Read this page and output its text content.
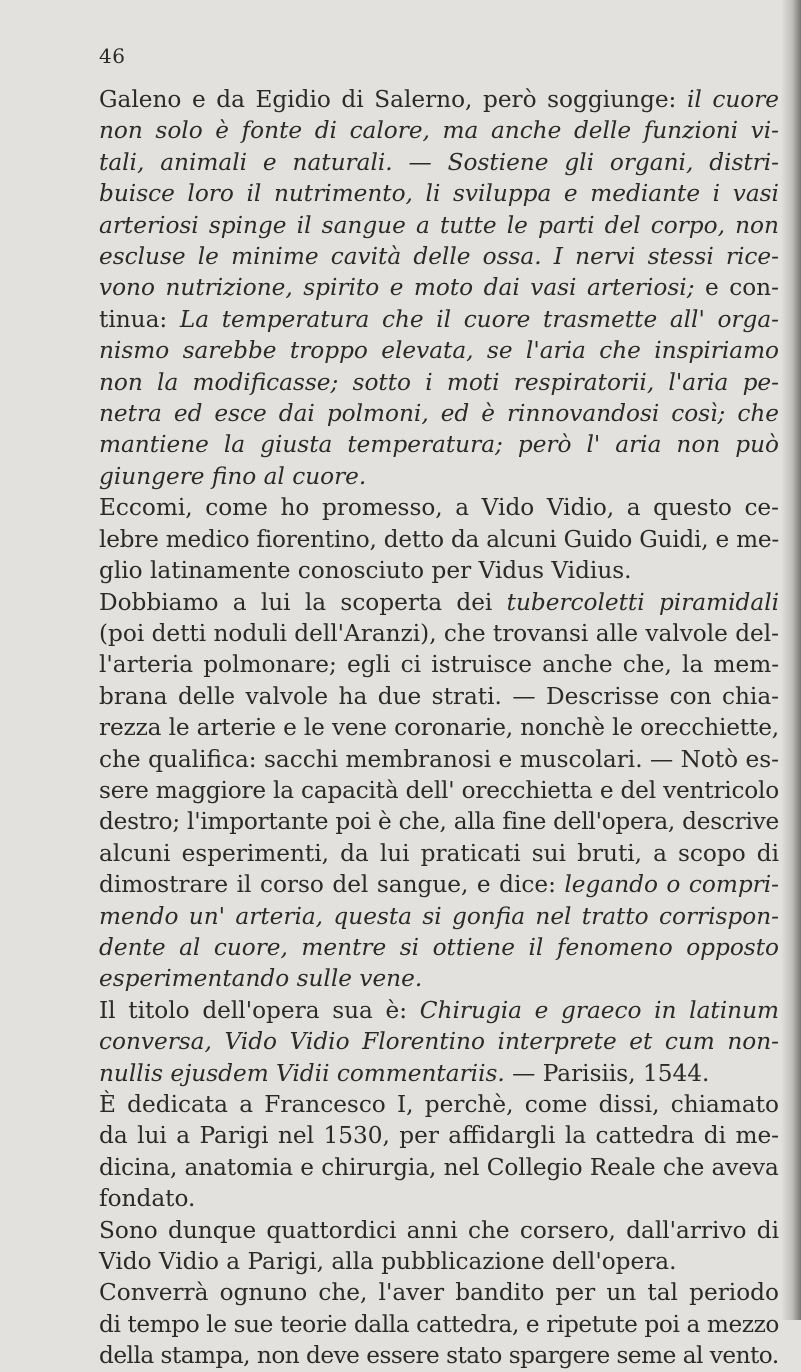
46
Galeno e da Egidio di Salerno, però soggiunge: il cuore
non solo è fonte di calore, ma anche delle funzioni vi-
tali, animali e naturali. — Sostiene gli organi, distri-
buisce loro il nutrimento, li sviluppa e mediante i vasi
arteriosi spinge il sangue a tutte le parti del corpo, non
escluse le minime cavità delle ossa. I nervi stessi rice-
vono nutrizione, spirito e moto dai vasi arteriosi; e con-
tinua: La temperatura che il cuore trasmette all' orga-
nismo sarebbe troppo elevata, se l'aria che inspiriamo
non la modificasse; sotto i moti respiratorii, l'aria pe-
netra ed esce dai polmoni, ed è rinnovandosi così; che
mantiene la giusta temperatura; però l' aria non può
giungere fino al cuore.
Eccomi, come ho promesso, a Vido Vidio, a questo ce-
lebre medico fiorentino, detto da alcuni Guido Guidi, e me-
glio latinamente conosciuto per Vidus Vidius.
Dobbiamo a lui la scoperta dei tubercoletti piramidali
(poi detti noduli dell'Aranzi), che trovansi alle valvole del-
l'arteria polmonare; egli ci istruisce anche che, la mem-
brana delle valvole ha due strati. — Descrisse con chia-
rezza le arterie e le vene coronarie, nonchè le orecchiette,
che qualifica: sacchi membranosi e muscolari. — Notò es-
sere maggiore la capacità dell' orecchietta e del ventricolo
destro; l'importante poi è che, alla fine dell'opera, descrive
alcuni esperimenti, da lui praticati sui bruti, a scopo di
dimostrare il corso del sangue, e dice: legando o compri-
mendo un' arteria, questa si gonfia nel tratto corrispon-
dente al cuore, mentre si ottiene il fenomeno opposto
esperimentando sulle vene.
Il titolo dell'opera sua è: Chirugia e graeco in latinum
conversa, Vido Vidio Florentino interprete et cum non-
nullis ejusdem Vidii commentariis. — Parisiis, 1544.
È dedicata a Francesco I, perchè, come dissi, chiamato
da lui a Parigi nel 1530, per affidargli la cattedra di me-
dicina, anatomia e chirurgia, nel Collegio Reale che aveva
fondato.
Sono dunque quattordici anni che corsero, dall'arrivo di
Vido Vidio a Parigi, alla pubblicazione dell'opera.
Converrà ognuno che, l'aver bandito per un tal periodo
di tempo le sue teorie dalla cattedra, e ripetute poi a mezzo
della stampa, non deve essere stato spargere seme al vento.
